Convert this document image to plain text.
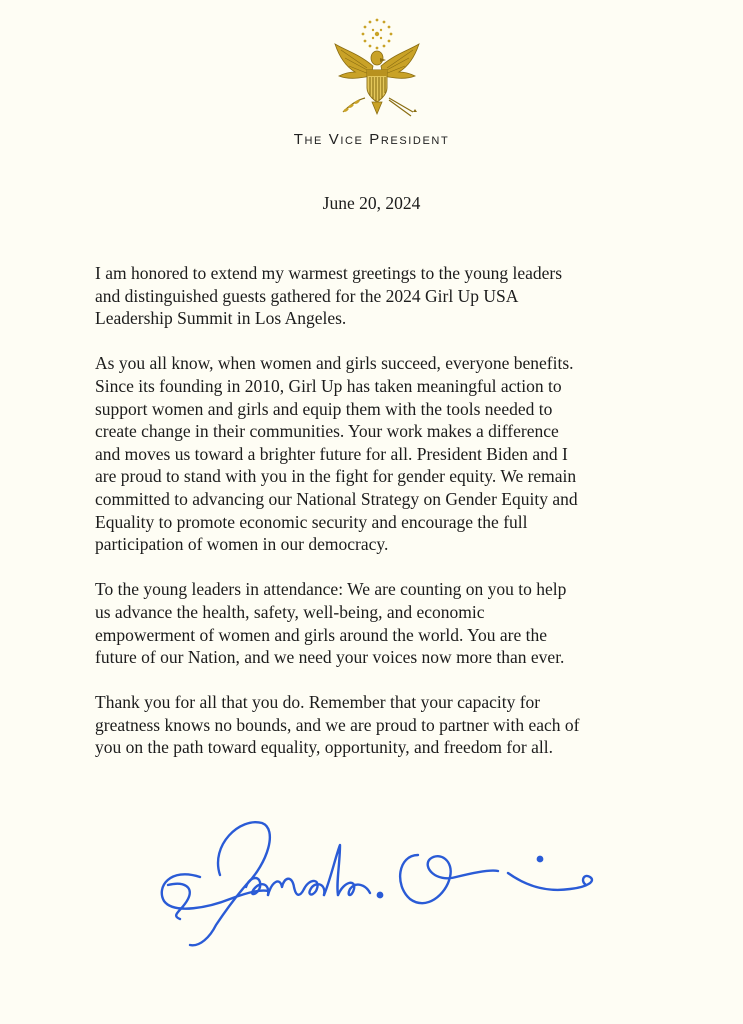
The Vice President
June 20, 2024

I am honored to extend my warmest greetings to the young leaders
and distinguished guests gathered for the 2024 Girl Up USA
Leadership Summit in Los Angeles.

As you all know, when women and girls succeed, everyone benefits.
Since its founding in 2010, Girl Up has taken meaningful action to
support women and girls and equip them with the tools needed to
create change in their communities. Your work makes a difference
and moves us toward a brighter future for all. President Biden and I
are proud to stand with you in the fight for gender equity. We remain
committed to advancing our National Strategy on Gender Equity and
Equality to promote economic security and encourage the full
participation of women in our democracy.

To the young leaders in attendance: We are counting on you to help
us advance the health, safety, well-being, and economic
empowerment of women and girls around the world. You are the
future of our Nation, and we need your voices now more than ever.

Thank you for all that you do. Remember that your capacity for
greatness knows no bounds, and we are proud to partner with each of
you on the path toward equality, opportunity, and freedom for all.
